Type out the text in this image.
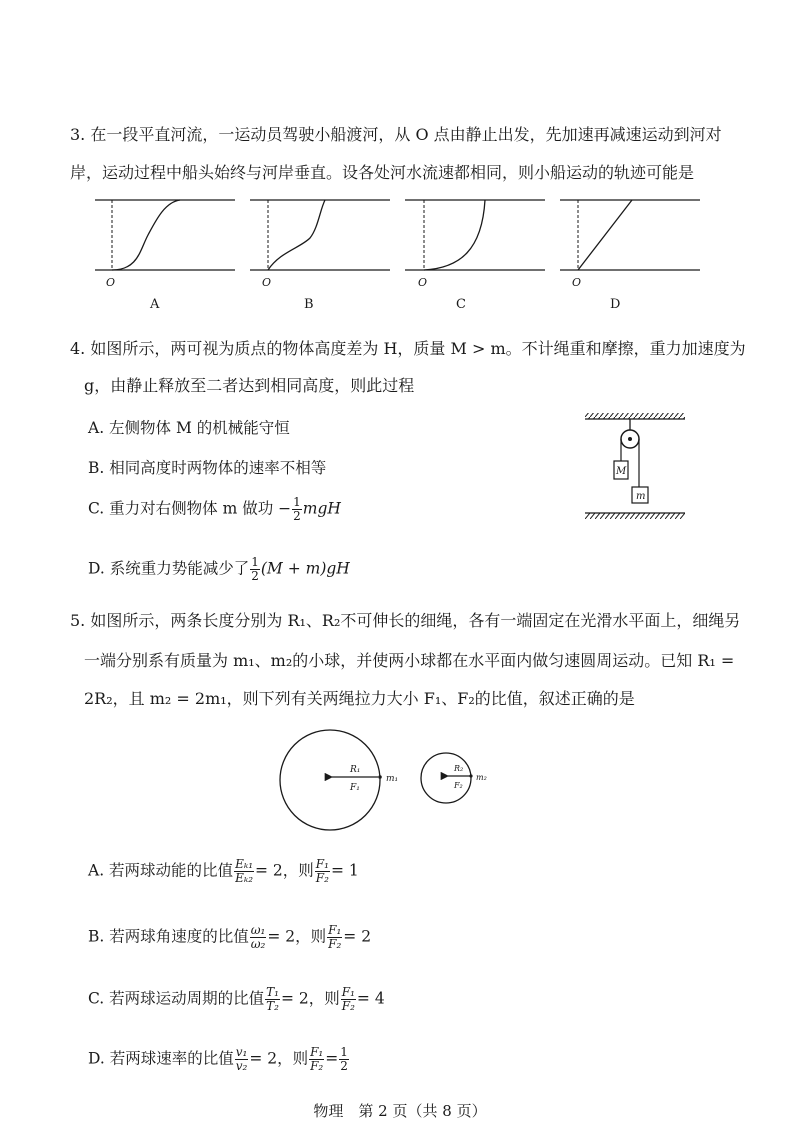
3. 在一段平直河流，一运动员驾驶小船渡河，从 O 点由静止出发，先加速再减速运动到河对
岸，运动过程中船头始终与河岸垂直。设各处河水流速都相同，则小船运动的轨迹可能是
O
A
O
B
O
C
O
D
4. 如图所示，两可视为质点的物体高度差为 H，质量 M > m。不计绳重和摩擦，重力加速度为
g，由静止释放至二者达到相同高度，则此过程
A. 左侧物体 M 的机械能守恒
B. 相同高度时两物体的速率不相等
C. 重力对右侧物体 m 做功 − $\frac{1}{2}$ mgH
D. 系统重力势能减少了 $\frac{1}{2} (M + m)gH$
M
m
5. 如图所示，两条长度分别为 R₁、R₂不可伸长的细绳，各有一端固定在光滑水平面上，细绳另
一端分别系有质量为 m₁、m₂的小球，并使两小球都在水平面内做匀速圆周运动。已知 R₁ =
2R₂，且 m₂ = 2m₁，则下列有关两绳拉力大小 F₁、F₂的比值，叙述正确的是
R₁
F₁
m₁
R₂
F₂
m₂
A. 若两球动能的比值 $\frac{\text{Eₖ₁}}{\text{Eₖ₂}} = 2$，则 $\frac{\text{F₁}}{\text{F₂}} = 1$
B. 若两球角速度的比值 $\frac{\text{ω₁}}{\text{ω₂}} = 2$，则 $\frac{\text{F₁}}{\text{F₂}} = 2$
C. 若两球运动周期的比值 $\frac{\text{T₁}}{\text{T₂}} = 2$，则 $\frac{\text{F₁}}{\text{F₂}} = 4$
D. 若两球速率的比值 $\frac{\text{v₁}}{\text{v₂}} = 2$，则 $\frac{\text{F₁}}{\text{F₂}} = \frac{1}{2}$
物理　第 2 页（共 8 页）
